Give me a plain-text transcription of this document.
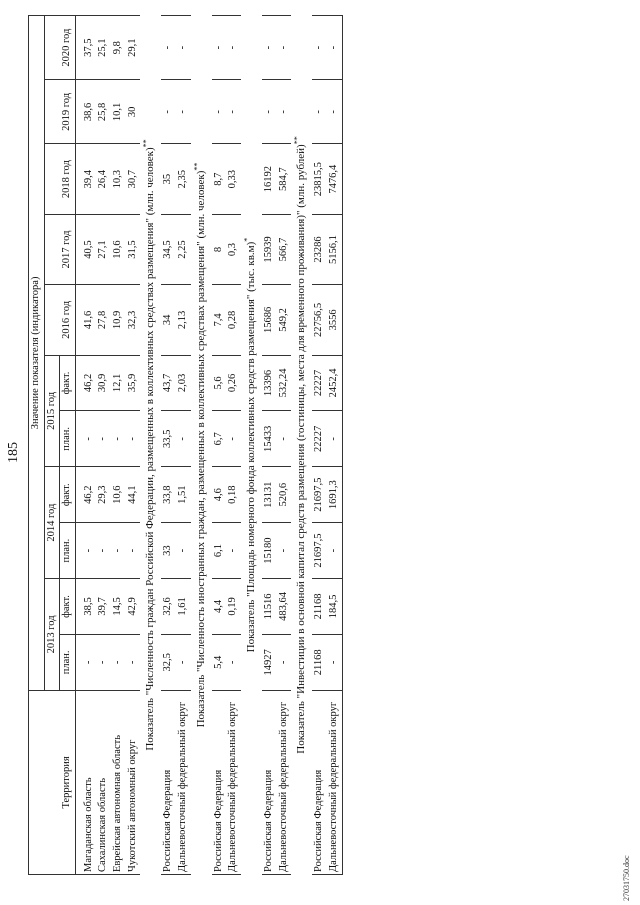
185
Территория	Значение показателя (индикатора)										
	2013 год		2014 год		2015 год		2016 год	2017 год	2018 год	2019 год	2020 год
	план.	факт.	план.	факт.	план.	факт.					
Магаданская область	-	38,5	-	46,2	-	46,2	41,6	40,5	39,4	38,6	37,5
Сахалинская область	-	39,7	-	29,3	-	30,9	27,8	27,1	26,4	25,8	25,1
Еврейская автономная область	-	14,5	-	10,6	-	12,1	10,9	10,6	10,3	10,1	9,8
Чукотский автономный округ	-	42,9	-	44,1	-	35,9	32,3	31,5	30,7	30	29,1
Показатель "Численность граждан Российской Федерации, размещенных в коллективных средствах размещения" (млн. человек)**
Российская Федерация	32,5	32,6	33	33,8	33,5	43,7	34	34,5	35	-	-
Дальневосточный федеральный округ	-	1,61	-	1,51	-	2,03	2,13	2,25	2,35	-	-
Показатель "Численность иностранных граждан, размещенных в коллективных средствах размещения" (млн. человек)**
Российская Федерация	5,4	4,4	6,1	4,6	6,7	5,6	7,4	8	8,7	-	-
Дальневосточный федеральный округ	-	0,19	-	0,18	-	0,26	0,28	0,3	0,33	-	-
Показатель "Площадь номерного фонда коллективных средств размещения" (тыс. кв.м)*
Российская Федерация	14927	11516	15180	13131	15433	13396	15686	15939	16192	-	-
Дальневосточный федеральный округ	-	483,64	-	520,6	-	532,24	549,2	566,7	584,7	-	-
Показатель "Инвестиции в основной капитал средств размещения (гостиницы, места для временного проживания)" (млн. рублей)**
Российская Федерация	21168	21168	21697,5	21697,5	22227	22227	22756,5	23286	23815,5	-	-
Дальневосточный федеральный округ	-	184,5	-	1691,3	-	2452,4	3556	5156,1	7476,4	-	-
27031750.doc
